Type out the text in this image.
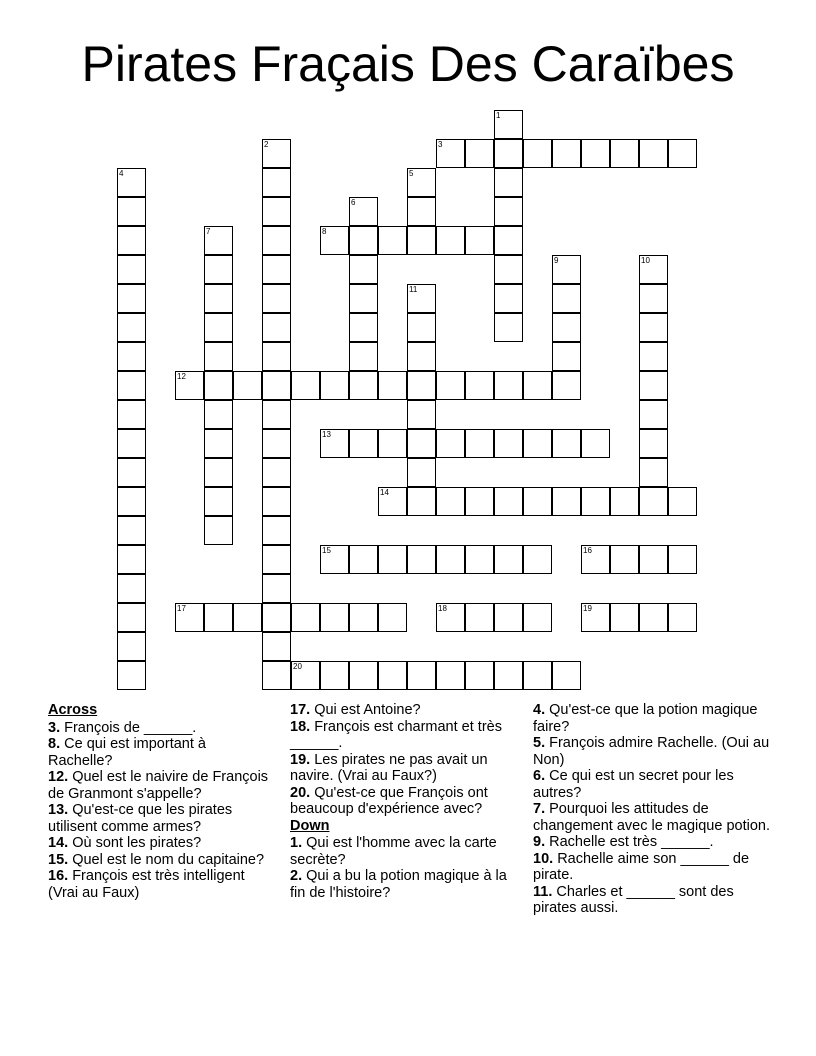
Pirates Fraçais Des Caraïbes
1
2	3
4	5
6
7	8
9	10
11
12
13
14
15	16
17	18	19
20
Across
3. François de ______.
8. Ce qui est important à Rachelle?
12. Quel est le naivire de François de Granmont s'appelle?
13. Qu'est-ce que les pirates utilisent comme armes?
14. Où sont les pirates?
15. Quel est le nom du capitaine?
16. François est très intelligent (Vrai au Faux)
17. Qui est Antoine?
18. François est charmant et très ______.
19. Les pirates ne pas avait un navire. (Vrai au Faux?)
20. Qu'est-ce que François ont beaucoup d'expérience avec?
Down
1. Qui est l'homme avec la carte secrète?
2. Qui a bu la potion magique à la fin de l'histoire?
4. Qu'est-ce que la potion magique faire?
5. François admire Rachelle. (Oui au Non)
6. Ce qui est un secret pour les autres?
7. Pourquoi les attitudes de changement avec le magique potion.
9. Rachelle est très ______.
10. Rachelle aime son ______ de pirate.
11. Charles et ______ sont des pirates aussi.
